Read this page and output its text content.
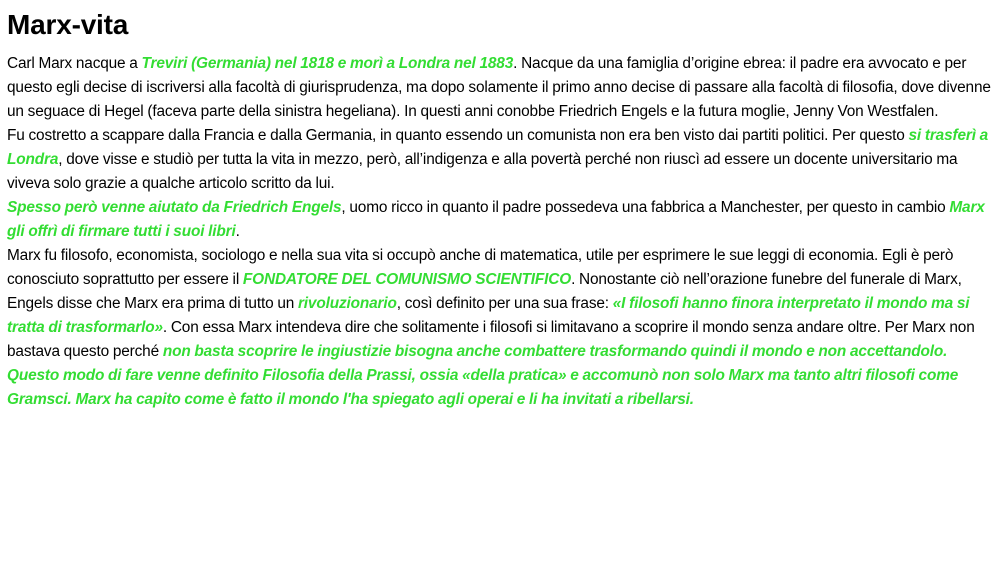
Marx-vita

Carl Marx nacque a Treviri (Germania) nel 1818 e morì a Londra nel 1883. Nacque da una famiglia d’origine ebrea: il padre era avvocato e per questo egli decise di iscriversi alla facoltà di giurisprudenza, ma dopo solamente il primo anno decise di passare alla facoltà di filosofia, dove divenne un seguace di Hegel (faceva parte della sinistra hegeliana). In questi anni conobbe Friedrich Engels e la futura moglie, Jenny Von Westfalen.

Fu costretto a scappare dalla Francia e dalla Germania, in quanto essendo un comunista non era ben visto dai partiti politici. Per questo si trasferì a Londra, dove visse e studiò per tutta la vita in mezzo, però, all’indigenza e alla povertà perché non riuscì ad essere un docente universitario ma viveva solo grazie a qualche articolo scritto da lui.

Spesso però venne aiutato da Friedrich Engels, uomo ricco in quanto il padre possedeva una fabbrica a Manchester, per questo in cambio Marx gli offrì di firmare tutti i suoi libri.

Marx fu filosofo, economista, sociologo e nella sua vita si occupò anche di matematica, utile per esprimere le sue leggi di economia. Egli è però conosciuto soprattutto per essere il FONDATORE DEL COMUNISMO SCIENTIFICO. Nonostante ciò nell’orazione funebre del funerale di Marx, Engels disse che Marx era prima di tutto un rivoluzionario, così definito per una sua frase: «I filosofi hanno finora interpretato il mondo ma si tratta di trasformarlo». Con essa Marx intendeva dire che solitamente i filosofi si limitavano a scoprire il mondo senza andare oltre. Per Marx non bastava questo perché non basta scoprire le ingiustizie bisogna anche combattere trasformando quindi il mondo e non accettandolo. Questo modo di fare venne definito Filosofia della Prassi, ossia «della pratica» e accomunò non solo Marx ma tanto altri filosofi come Gramsci. Marx ha capito come è fatto il mondo l'ha spiegato agli operai e li ha invitati a ribellarsi.
